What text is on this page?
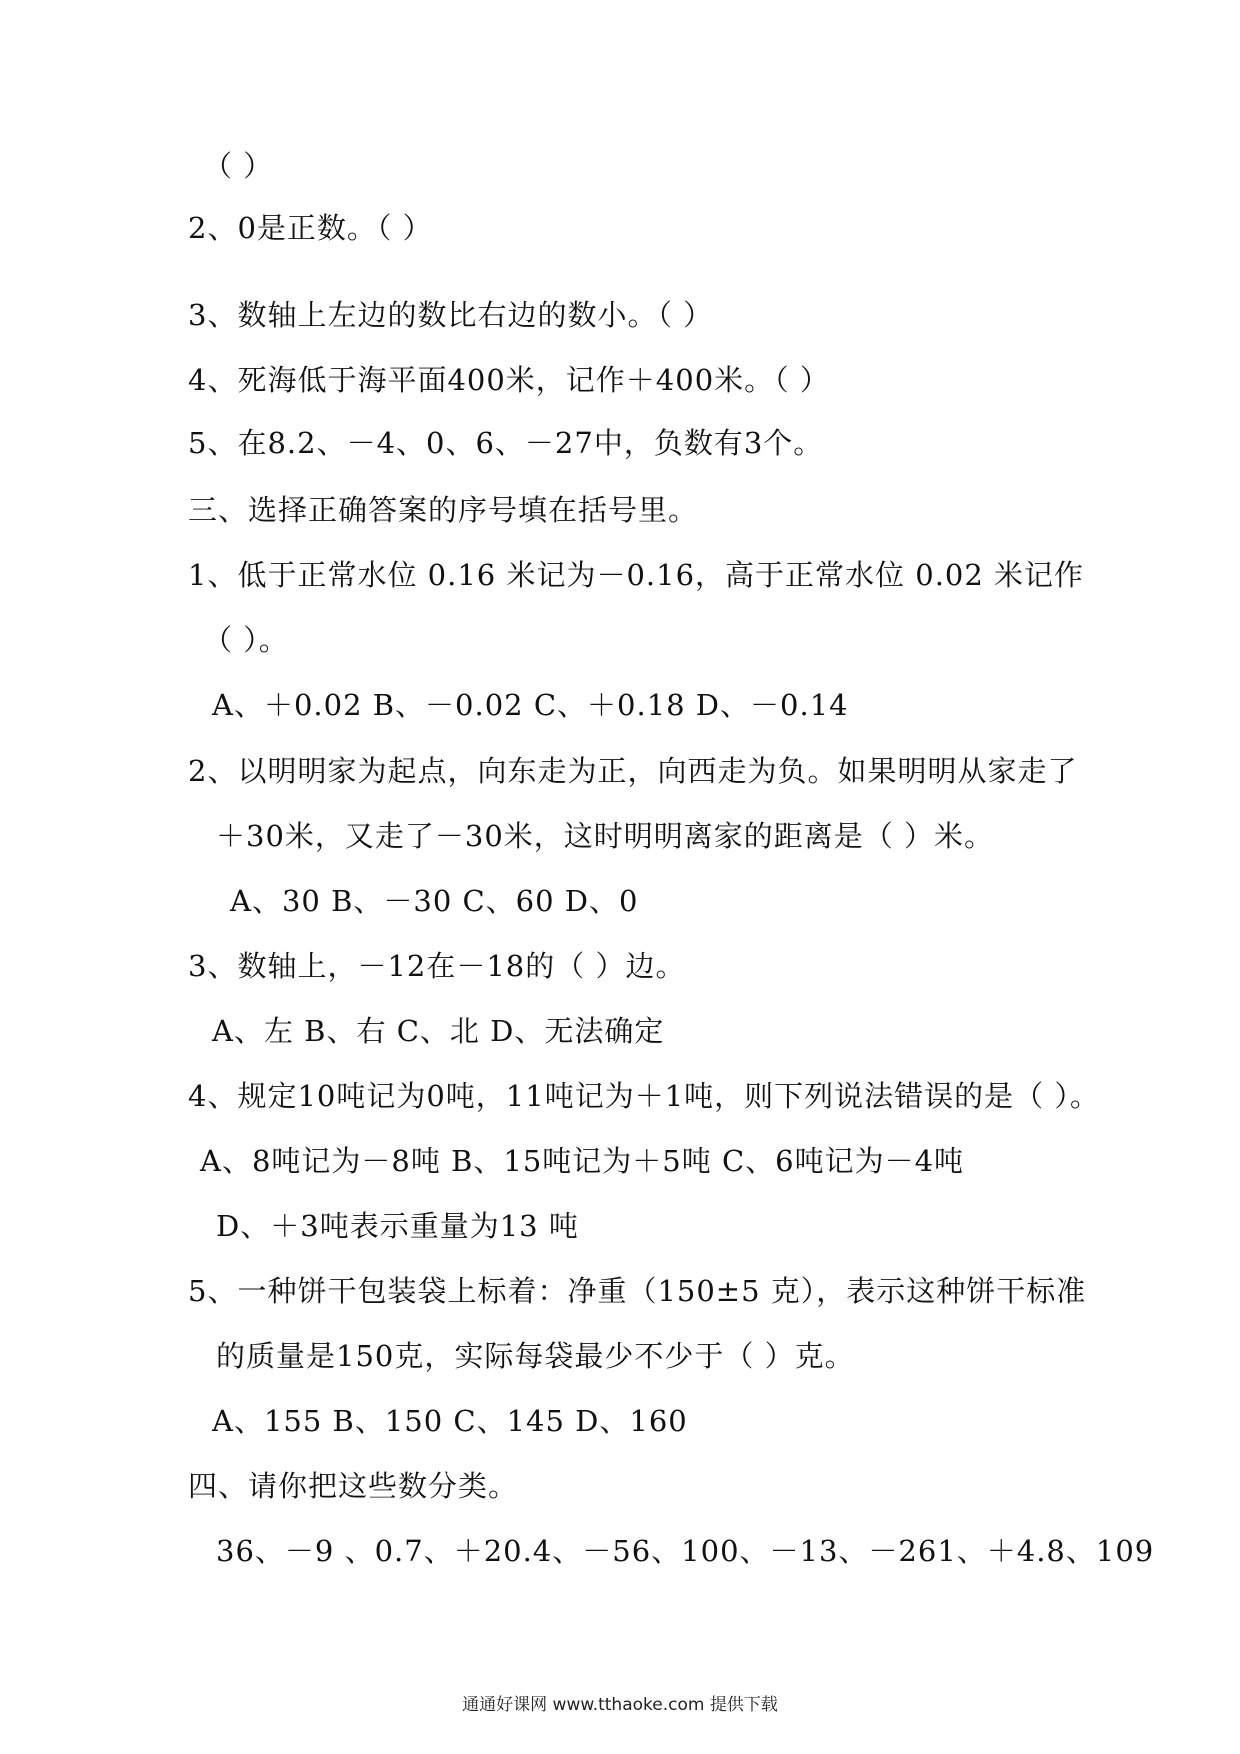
（ ）
2、0是正数。（ ）
3、数轴上左边的数比右边的数小。（ ）
4、死海低于海平面400米，记作＋400米。（ ）
5、在8.2、－4、0、6、－27中，负数有3个。
三、选择正确答案的序号填在括号里。
1、低于正常水位 0.16 米记为－0.16，高于正常水位 0.02 米记作
（ ）。
A、＋0.02 B、－0.02 C、＋0.18 D、－0.14
2、以明明家为起点，向东走为正，向西走为负。如果明明从家走了
＋30米，又走了－30米，这时明明离家的距离是（ ）米。
A、30 B、－30 C、60 D、0
3、数轴上，－12在－18的（ ）边。
A、左 B、右 C、北 D、无法确定
4、规定10吨记为0吨，11吨记为＋1吨，则下列说法错误的是（ ）。
A、8吨记为－8吨 B、15吨记为＋5吨 C、6吨记为－4吨
D、＋3吨表示重量为13 吨
5、一种饼干包装袋上标着：净重（150±5 克），表示这种饼干标准
的质量是150克，实际每袋最少不少于（ ）克。
A、155 B、150 C、145 D、160
四、请你把这些数分类。
36、－9 、0.7、＋20.4、－56、100、－13、－261、＋4.8、109
通通好课网 www.tthaoke.com 提供下载
